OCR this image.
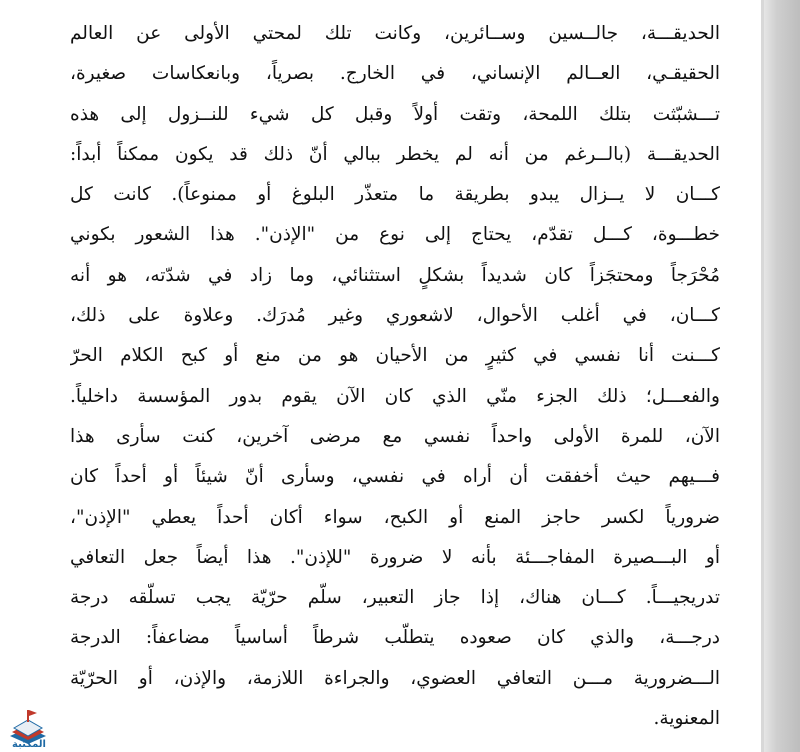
الحديقـــة، جالــسين وســائرين، وكانت تلك لمحتي الأولى عن العالم
الحقيقـي، العــالم الإنساني، في الخارج. بصرياً، وبانعكاسات صغيرة،
تـــشبّثت بتلك اللمحة، وتقت أولاً وقبل كل شيء للنــزول إلى هذه
الحديقـــة (بالــرغم من أنه لم يخطر ببالي أنّ ذلك قد يكون ممكناً أبداً:
كـــان لا يــزال يبدو بطريقة ما متعذّر البلوغ أو ممنوعاً). كانت كل
خطـــوة، كـــل تقدّم، يحتاج إلى نوع من "الإذن". هذا الشعور بكوني
مُحْرَجاً ومحتجَزاً كان شديداً بشكلٍ استثنائي، وما زاد في شدّته، هو أنه
كـــان، في أغلب الأحوال، لاشعوري وغير مُدرَك. وعلاوة على ذلك،
كـــنت أنا نفسي في كثيرٍ من الأحيان هو من منع أو كبح الكلام الحرّ
والفعـــل؛ ذلك الجزء منّي الذي كان الآن يقوم بدور المؤسسة داخلياً.
الآن، للمرة الأولى واحداً نفسي مع مرضى آخرين، كنت سأرى هذا
فـــيهم حيث أخفقت أن أراه في نفسي، وسأرى أنّ شيئاً أو أحداً كان
ضرورياً لكسر حاجز المنع أو الكبح، سواء أكان أحداً يعطي "الإذن"،
أو البـــصيرة المفاجـــئة بأنه لا ضرورة "للإذن". هذا أيضاً جعل التعافي
تدريجيـــاً. كـــان هناك، إذا جاز التعبير، سلّم حرّيّة يجب تسلّقه درجة
درجـــة، والذي كان صعوده يتطلّب شرطاً أساسياً مضاعفاً: الدرجة
الـــضرورية مـــن التعافي العضوي، والجراءة اللازمة، والإذن، أو الحرّيّة
المعنوية.
المكتبة
